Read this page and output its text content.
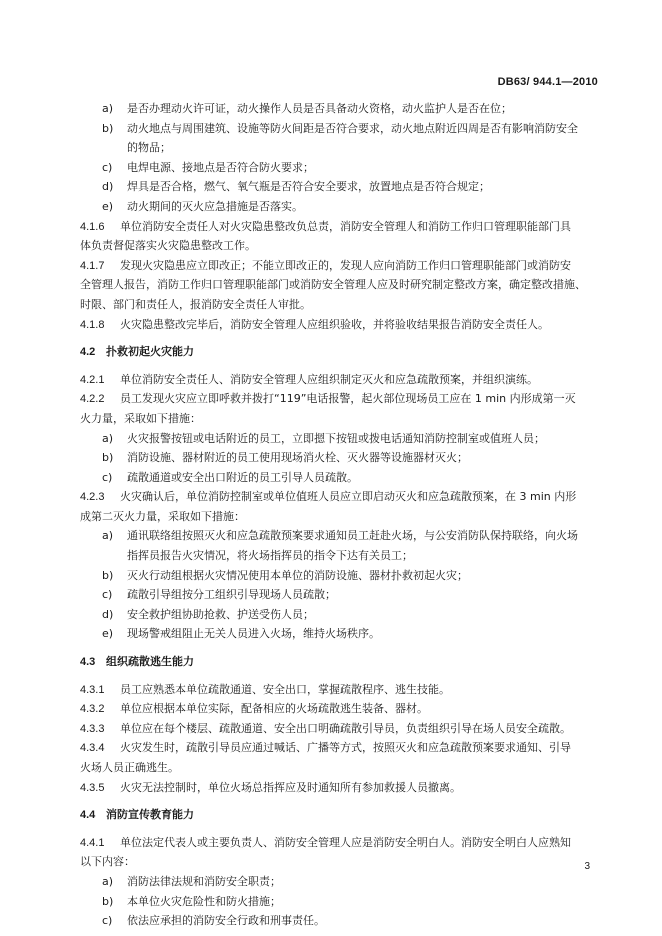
DB63/ 944.1—2010
a) 是否办理动火许可证，动火操作人员是否具备动火资格，动火监护人是否在位；
b) 动火地点与周围建筑、设施等防火间距是否符合要求，动火地点附近四周是否有影响消防安全
的物品；
c) 电焊电源、接地点是否符合防火要求；
d) 焊具是否合格，燃气、氧气瓶是否符合安全要求，放置地点是否符合规定；
e) 动火期间的灭火应急措施是否落实。
4.1.6 单位消防安全责任人对火灾隐患整改负总责，消防安全管理人和消防工作归口管理职能部门具
体负责督促落实火灾隐患整改工作。
4.1.7 发现火灾隐患应立即改正；不能立即改正的，发现人应向消防工作归口管理职能部门或消防安
全管理人报告，消防工作归口管理职能部门或消防安全管理人应及时研究制定整改方案，确定整改措施、
时限、部门和责任人，报消防安全责任人审批。
4.1.8 火灾隐患整改完毕后，消防安全管理人应组织验收，并将验收结果报告消防安全责任人。
4.2 扑救初起火灾能力
4.2.1 单位消防安全责任人、消防安全管理人应组织制定灭火和应急疏散预案，并组织演练。
4.2.2 员工发现火灾应立即呼救并拨打“119”电话报警，起火部位现场员工应在 1 min 内形成第一灭
火力量，采取如下措施：
a) 火灾报警按钮或电话附近的员工，立即摁下按钮或拨电话通知消防控制室或值班人员；
b) 消防设施、器材附近的员工使用现场消火栓、灭火器等设施器材灭火；
c) 疏散通道或安全出口附近的员工引导人员疏散。
4.2.3 火灾确认后，单位消防控制室或单位值班人员应立即启动灭火和应急疏散预案，在 3 min 内形
成第二灭火力量，采取如下措施：
a) 通讯联络组按照灭火和应急疏散预案要求通知员工赶赴火场，与公安消防队保持联络，向火场
指挥员报告火灾情况，将火场指挥员的指令下达有关员工；
b) 灭火行动组根据火灾情况使用本单位的消防设施、器材扑救初起火灾；
c) 疏散引导组按分工组织引导现场人员疏散；
d) 安全救护组协助抢救、护送受伤人员；
e) 现场警戒组阻止无关人员进入火场，维持火场秩序。
4.3 组织疏散逃生能力
4.3.1 员工应熟悉本单位疏散通道、安全出口，掌握疏散程序、逃生技能。
4.3.2 单位应根据本单位实际，配备相应的火场疏散逃生装备、器材。
4.3.3 单位应在每个楼层、疏散通道、安全出口明确疏散引导员，负责组织引导在场人员安全疏散。
4.3.4 火灾发生时，疏散引导员应通过喊话、广播等方式，按照灭火和应急疏散预案要求通知、引导
火场人员正确逃生。
4.3.5 火灾无法控制时，单位火场总指挥应及时通知所有参加救援人员撤离。
4.4 消防宣传教育能力
4.4.1 单位法定代表人或主要负责人、消防安全管理人应是消防安全明白人。消防安全明白人应熟知
以下内容：
a) 消防法律法规和消防安全职责；
b) 本单位火灾危险性和防火措施；
c) 依法应承担的消防安全行政和刑事责任。
3
